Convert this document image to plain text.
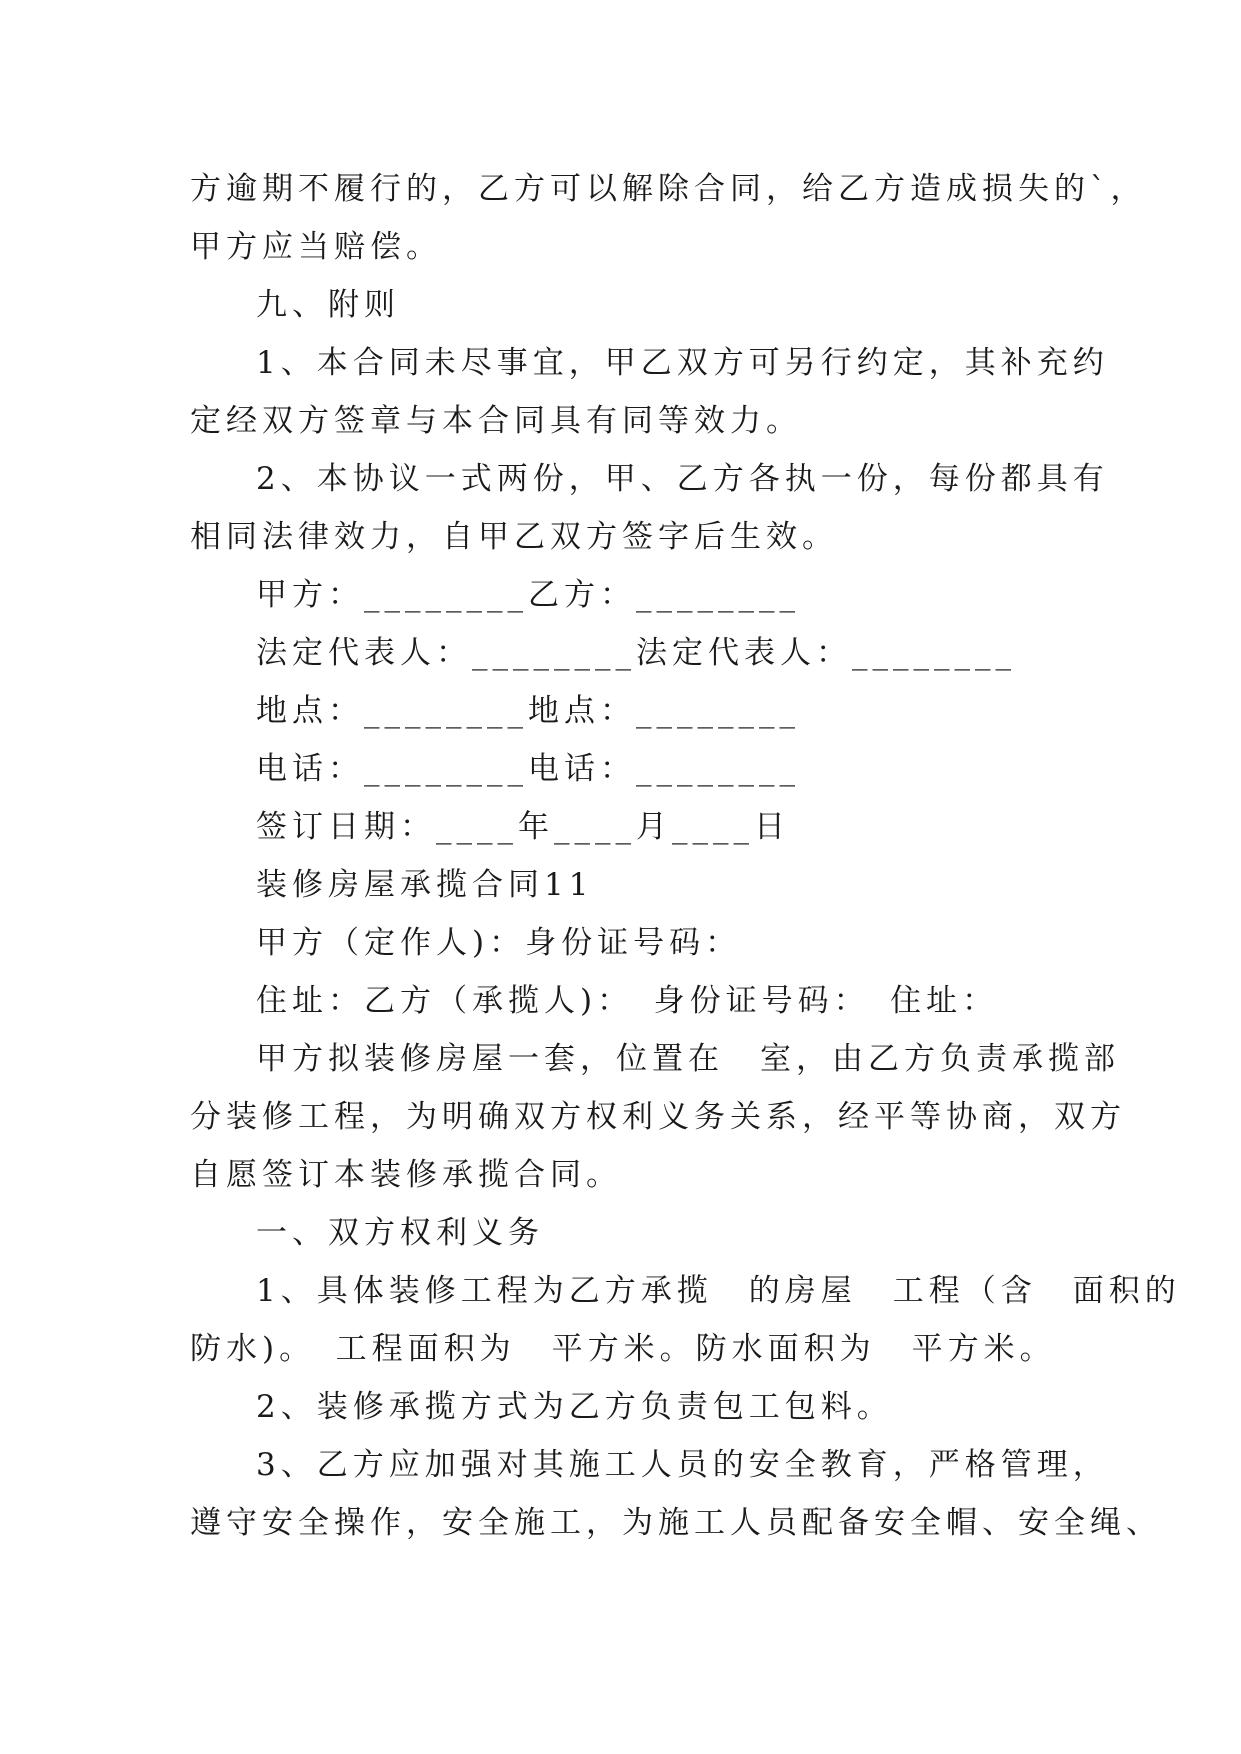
方逾期不履行的，乙方可以解除合同，给乙方造成损失的`，
甲方应当赔偿。
九、附则
1、本合同未尽事宜，甲乙双方可另行约定，其补充约
定经双方签章与本合同具有同等效力。
2、本协议一式两份，甲、乙方各执一份，每份都具有
相同法律效力，自甲乙双方签字后生效。
甲方：________乙方：________
法定代表人：________法定代表人：________
地点：________地点：________
电话：________电话：________
签订日期：____年____月____日
装修房屋承揽合同11
甲方（定作人)：身份证号码：
住址：乙方（承揽人)：　身份证号码：　住址：
甲方拟装修房屋一套，位置在　室，由乙方负责承揽部
分装修工程，为明确双方权利义务关系，经平等协商，双方
自愿签订本装修承揽合同。
一、双方权利义务
1、具体装修工程为乙方承揽　的房屋　工程（含　面积的
防水)。　工程面积为　平方米。防水面积为　平方米。
2、装修承揽方式为乙方负责包工包料。
3、乙方应加强对其施工人员的安全教育，严格管理，
遵守安全操作，安全施工，为施工人员配备安全帽、安全绳、
